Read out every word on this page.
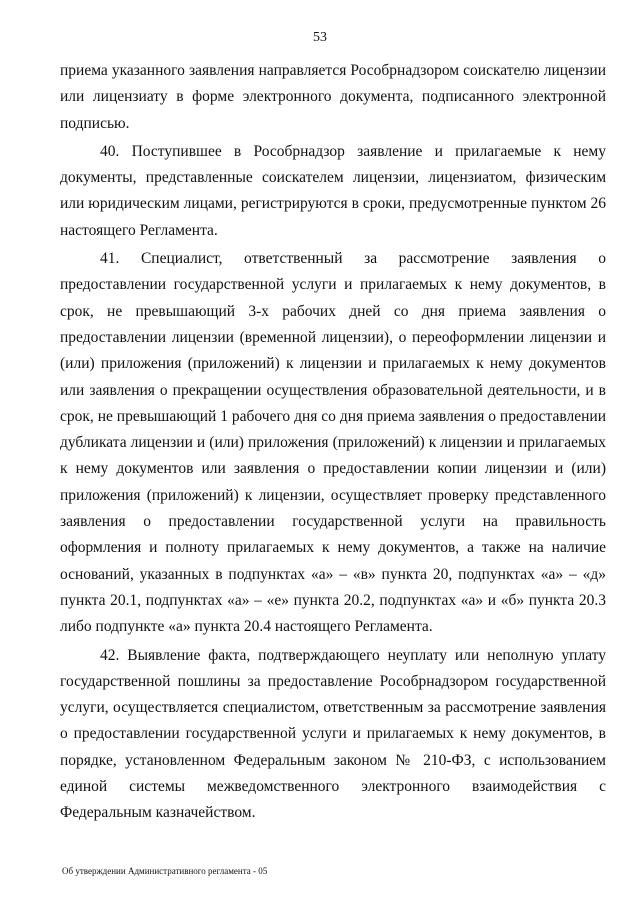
53

приема указанного заявления направляется Рособрнадзором соискателю лицензии или лицензиату в форме электронного документа, подписанного электронной подписью.

40. Поступившее в Рособрнадзор заявление и прилагаемые к нему документы, представленные соискателем лицензии, лицензиатом, физическим или юридическим лицами, регистрируются в сроки, предусмотренные пунктом 26 настоящего Регламента.

41. Специалист, ответственный за рассмотрение заявления о предоставлении государственной услуги и прилагаемых к нему документов, в срок, не превышающий 3-х рабочих дней со дня приема заявления о предоставлении лицензии (временной лицензии), о переоформлении лицензии и (или) приложения (приложений) к лицензии и прилагаемых к нему документов или заявления о прекращении осуществления образовательной деятельности, и в срок, не превышающий 1 рабочего дня со дня приема заявления о предоставлении дубликата лицензии и (или) приложения (приложений) к лицензии и прилагаемых к нему документов или заявления о предоставлении копии лицензии и (или) приложения (приложений) к лицензии, осуществляет проверку представленного заявления о предоставлении государственной услуги на правильность оформления и полноту прилагаемых к нему документов, а также на наличие оснований, указанных в подпунктах «а» – «в» пункта 20, подпунктах «а» – «д» пункта 20.1, подпунктах «а» – «е» пункта 20.2, подпунктах «а» и «б» пункта 20.3 либо подпункте «а» пункта 20.4 настоящего Регламента.

42. Выявление факта, подтверждающего неуплату или неполную уплату государственной пошлины за предоставление Рособрнадзором государственной услуги, осуществляется специалистом, ответственным за рассмотрение заявления о предоставлении государственной услуги и прилагаемых к нему документов, в порядке, установленном Федеральным законом № 210-ФЗ, с использованием единой системы межведомственного электронного взаимодействия с Федеральным казначейством.

Об утверждении Административного регламента - 05
